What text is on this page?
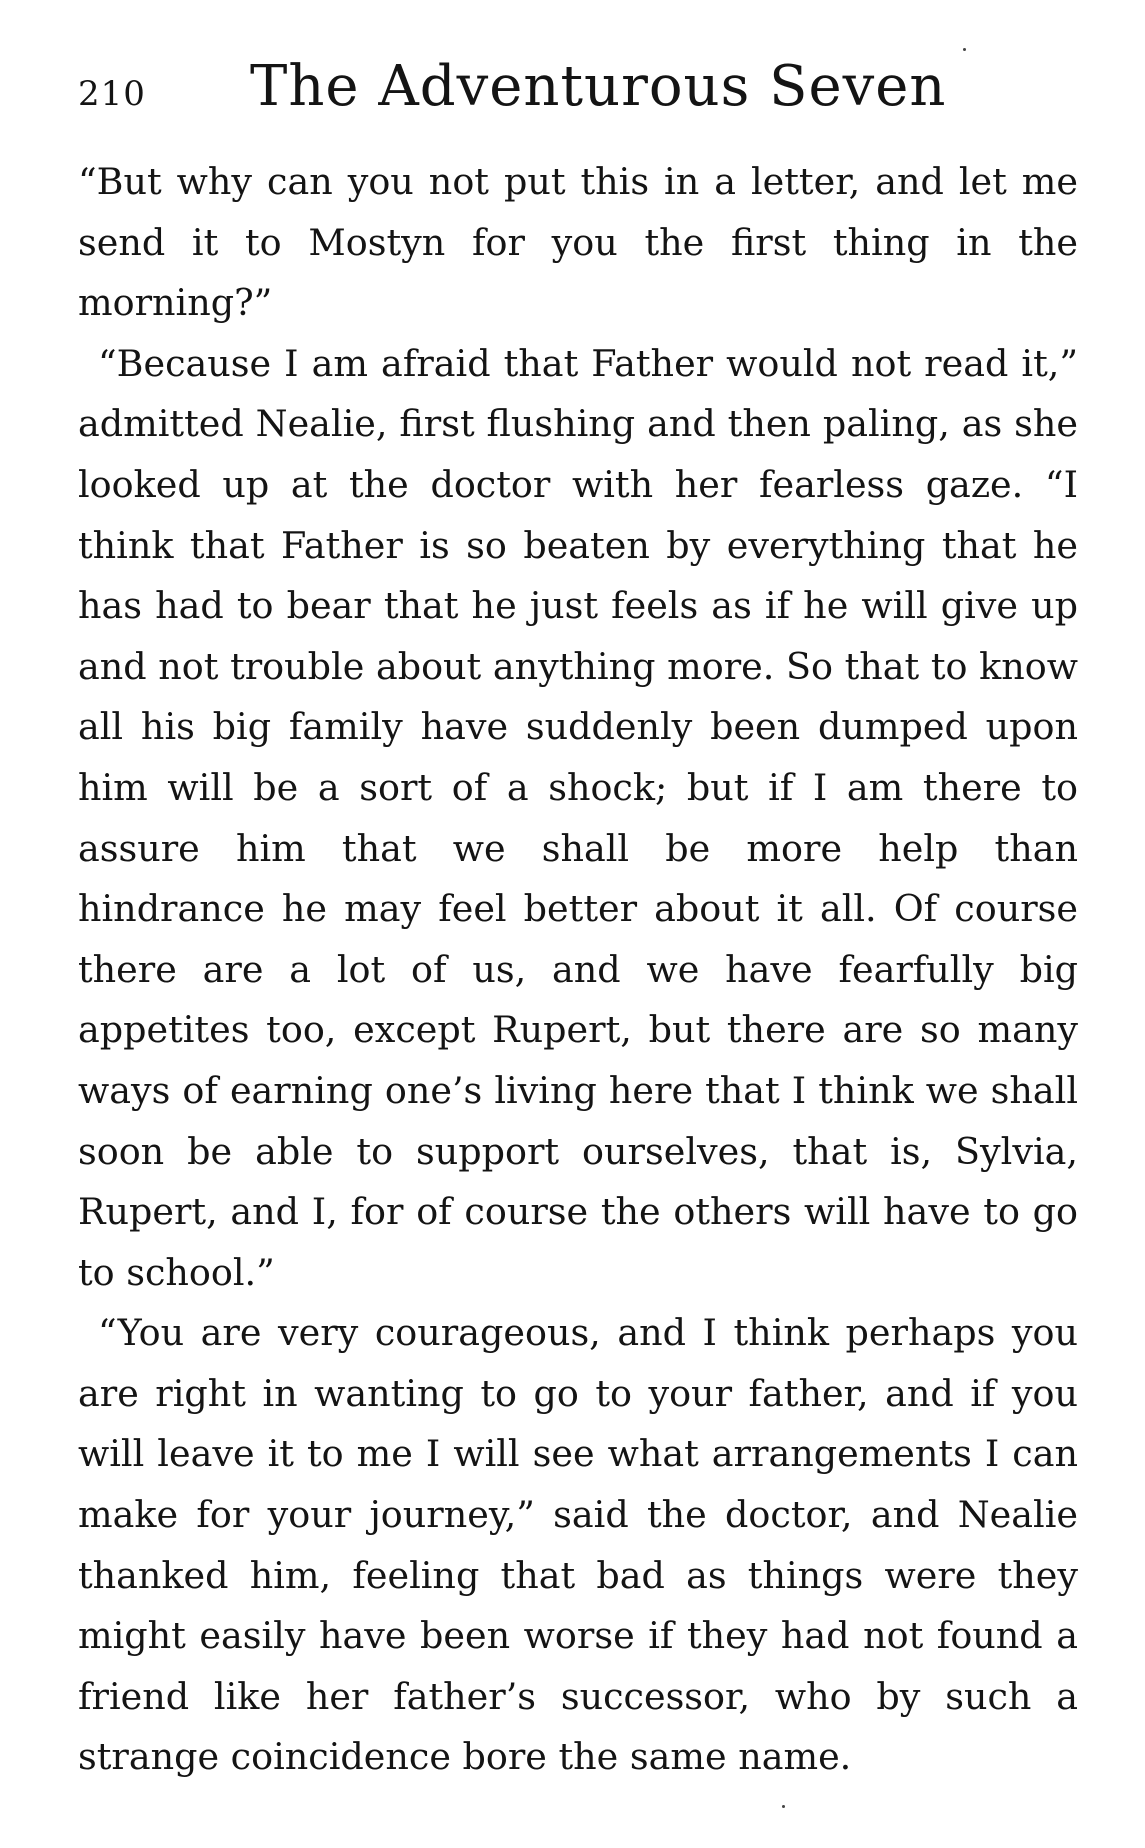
210 The Adventurous Seven

“But why can you not put this in a letter, and let me send it to Mostyn for you the first thing in the morning?”

“Because I am afraid that Father would not read it,” admitted Nealie, first flushing and then paling, as she looked up at the doctor with her fearless gaze. “I think that Father is so beaten by everything that he has had to bear that he just feels as if he will give up and not trouble about anything more. So that to know all his big family have suddenly been dumped upon him will be a sort of a shock; but if I am there to assure him that we shall be more help than hindrance he may feel better about it all. Of course there are a lot of us, and we have fearfully big appetites too, except Rupert, but there are so many ways of earning one’s living here that I think we shall soon be able to support ourselves, that is, Sylvia, Rupert, and I, for of course the others will have to go to school.”

“You are very courageous, and I think perhaps you are right in wanting to go to your father, and if you will leave it to me I will see what arrangements I can make for your journey,” said the doctor, and Nealie thanked him, feeling that bad as things were they might easily have been worse if they had not found a friend like her father’s successor, who by such a strange coincidence bore the same name.
